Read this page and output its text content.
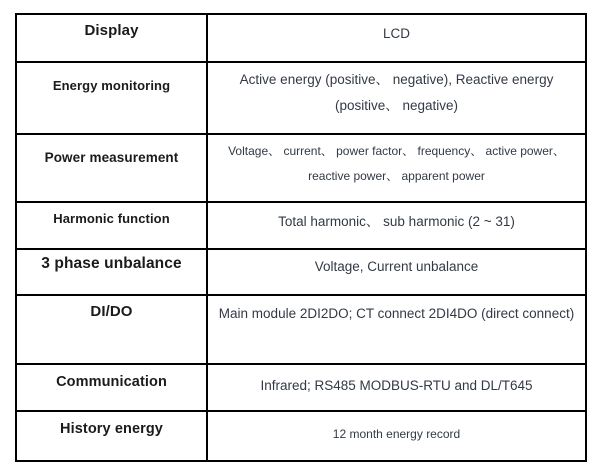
Display	LCD
Energy monitoring	Active energy (positive、 negative), Reactive energy (positive、 negative)
Power measurement	Voltage、 current、 power factor、 frequency、 active power、 reactive power、 apparent power
Harmonic function	Total harmonic、 sub harmonic (2 ~ 31)
3 phase unbalance	Voltage, Current unbalance
DI/DO	Main module 2DI2DO; CT connect 2DI4DO (direct connect)
Communication	Infrared; RS485 MODBUS-RTU and DL/T645
History energy	12 month energy record
